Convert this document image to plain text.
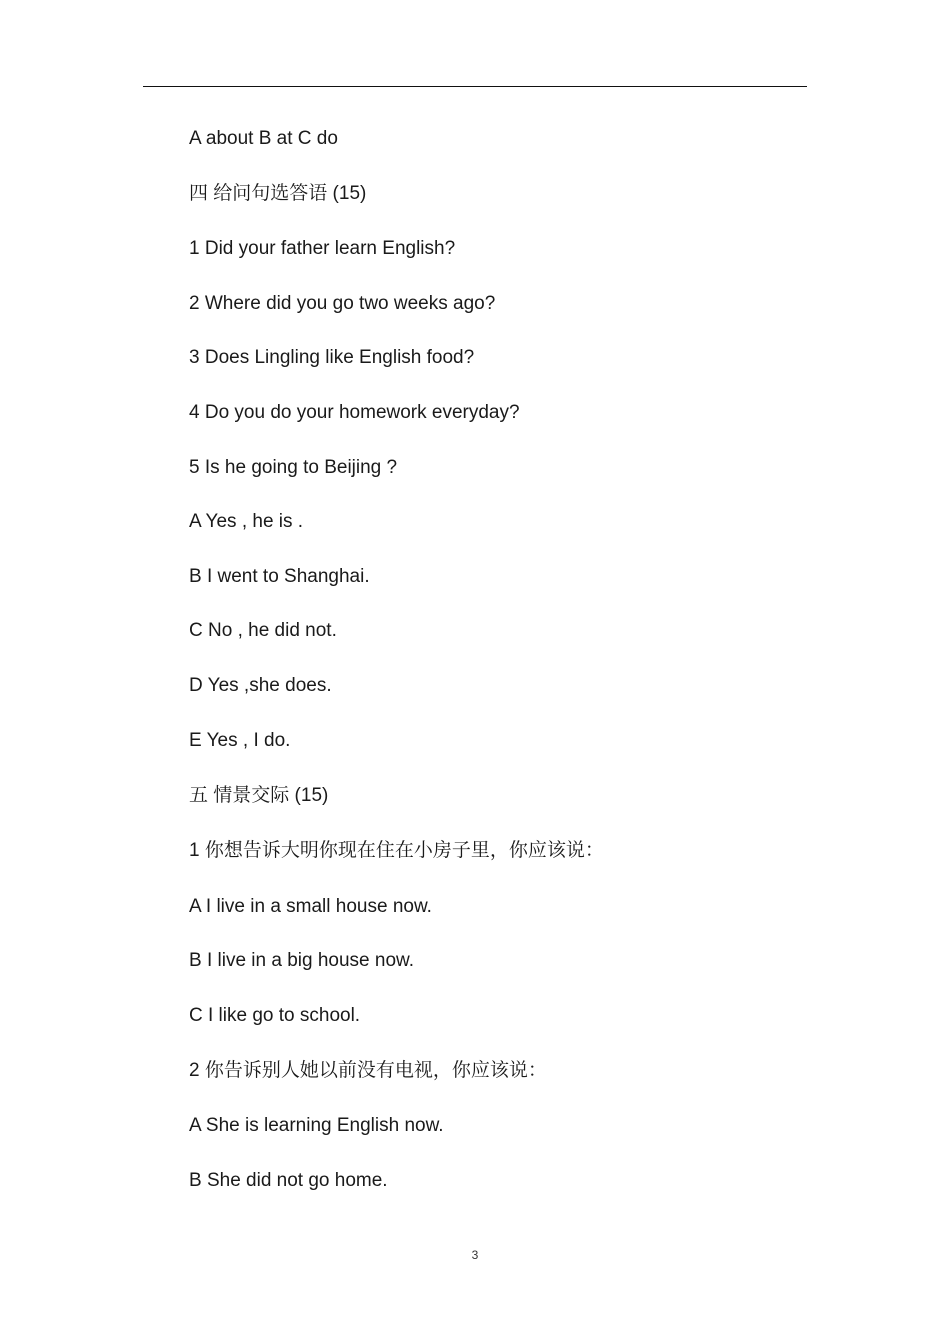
A about B at C do
四 给问句选答语 (15)
1 Did your father learn English?
2 Where did you go two weeks ago?
3 Does Lingling like English food?
4 Do you do your homework everyday?
5 Is he going to Beijing ?
A Yes , he is .
B I went to Shanghai.
C No , he did not.
D Yes ,she does.
E Yes , I do.
五 情景交际 (15)
1 你想告诉大明你现在住在小房子里，你应该说：
A I live in a small house now.
B I live in a big house now.
C I like go to school.
2 你告诉别人她以前没有电视，你应该说：
A She is learning English now.
B She did not go home.
3
